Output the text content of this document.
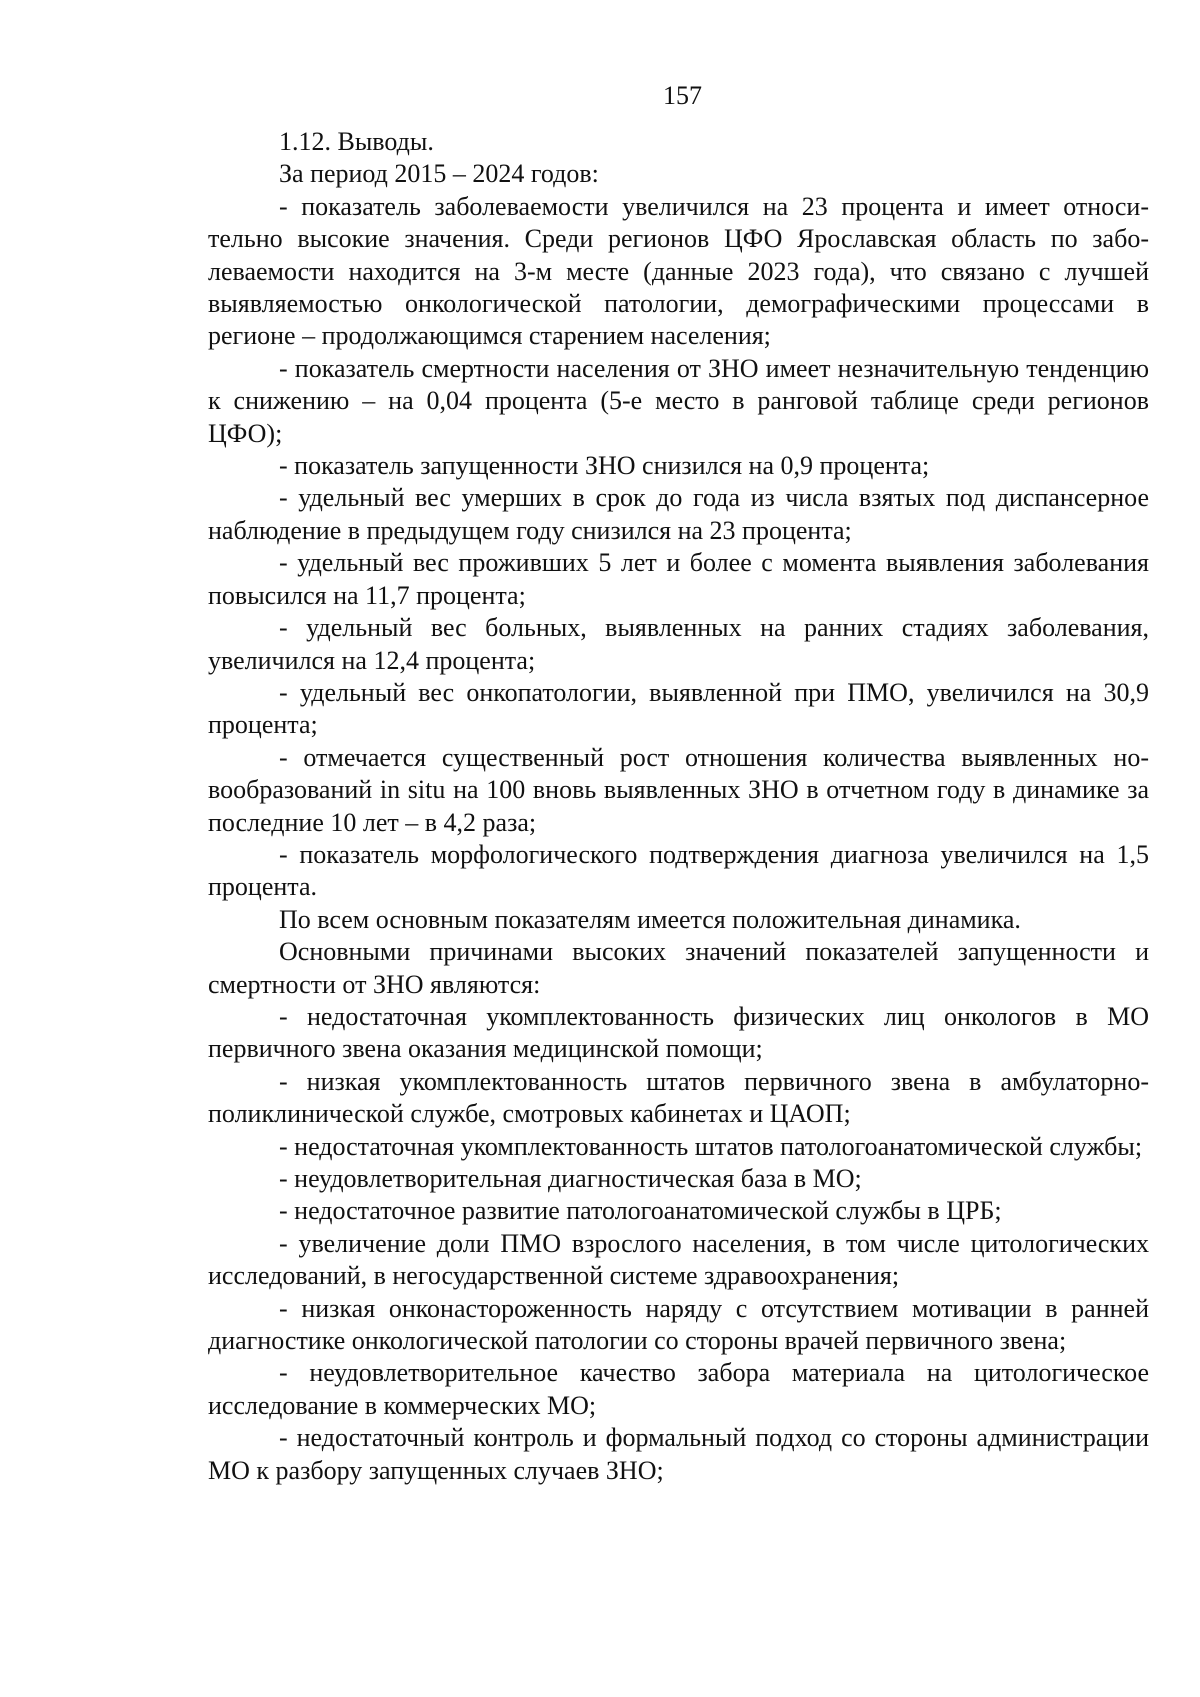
157

1.12. Выводы.

За период 2015 – 2024 годов:

- показатель заболеваемости увеличился на 23 процента и имеет относительно высокие значения. Среди регионов ЦФО Ярославская область по заболеваемости находится на 3-м месте (данные 2023 года), что связано с лучшей выявляемостью онкологической патологии, демографическими процессами в регионе – продолжающимся старением населения;

- показатель смертности населения от ЗНО имеет незначительную тенденцию к снижению – на 0,04 процента (5-е место в ранговой таблице среди регионов ЦФО);

- показатель запущенности ЗНО снизился на 0,9 процента;

- удельный вес умерших в срок до года из числа взятых под диспансерное наблюдение в предыдущем году снизился на 23 процента;

- удельный вес проживших 5 лет и более с момента выявления заболевания повысился на 11,7 процента;

- удельный вес больных, выявленных на ранних стадиях заболевания, увеличился на 12,4 процента;

- удельный вес онкопатологии, выявленной при ПМО, увеличился на 30,9 процента;

- отмечается существенный рост отношения количества выявленных новообразований in situ на 100 вновь выявленных ЗНО в отчетном году в динамике за последние 10 лет – в 4,2 раза;

- показатель морфологического подтверждения диагноза увеличился на 1,5 процента.

По всем основным показателям имеется положительная динамика.

Основными причинами высоких значений показателей запущенности и смертности от ЗНО являются:

- недостаточная укомплектованность физических лиц онкологов в МО первичного звена оказания медицинской помощи;

- низкая укомплектованность штатов первичного звена в амбулаторно-поликлинической службе, смотровых кабинетах и ЦАОП;

- недостаточная укомплектованность штатов патологоанатомической службы;

- неудовлетворительная диагностическая база в МО;

- недостаточное развитие патологоанатомической службы в ЦРБ;

- увеличение доли ПМО взрослого населения, в том числе цитологических исследований, в негосударственной системе здравоохранения;

- низкая онконастороженность наряду с отсутствием мотивации в ранней диагностике онкологической патологии со стороны врачей первичного звена;

- неудовлетворительное качество забора материала на цитологическое исследование в коммерческих МО;

- недостаточный контроль и формальный подход со стороны администрации МО к разбору запущенных случаев ЗНО;
